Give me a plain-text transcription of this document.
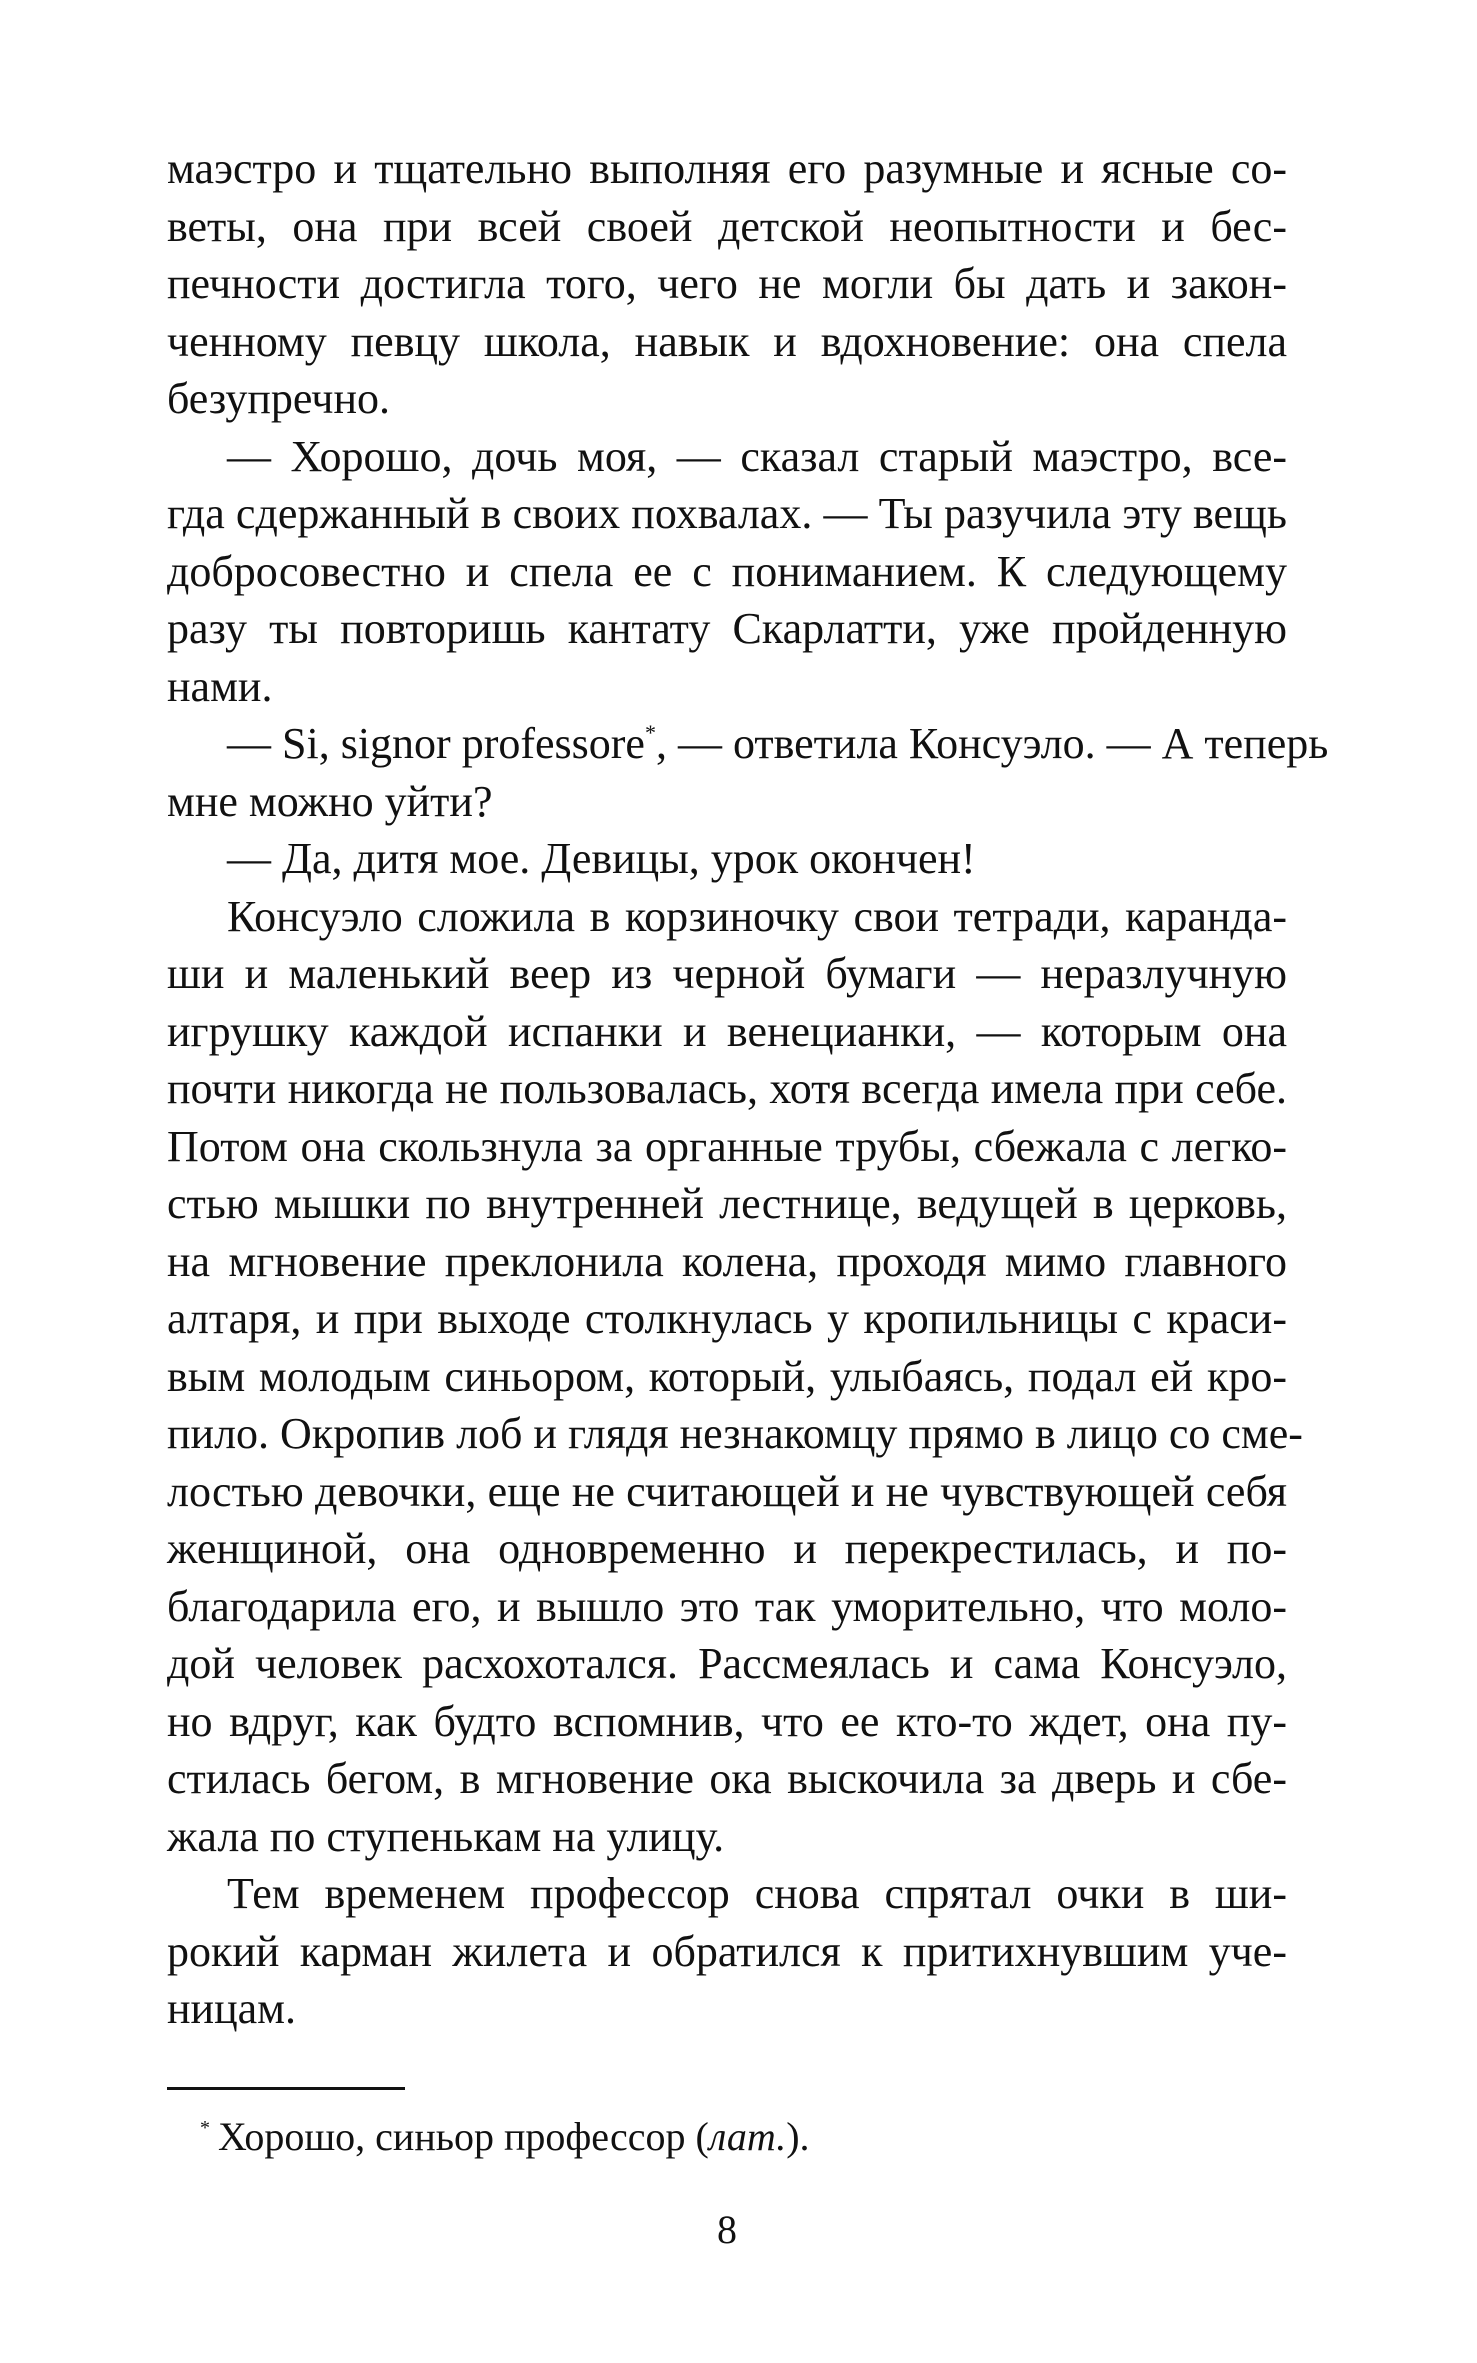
маэстро и тщательно выполняя его разумные и ясные со-
веты, она при всей своей детской неопытности и бес-
печности достигла того, чего не могли бы дать и закон-
ченному певцу школа, навык и вдохновение: она спела
безупречно.
— Хорошо, дочь моя, — сказал старый маэстро, все-
гда сдержанный в своих похвалах. — Ты разучила эту вещь
добросовестно и спела ее с пониманием. К следующему
разу ты повторишь кантату Скарлатти, уже пройденную
нами.
— Si, signor professore*, — ответила Консуэло. — А теперь
мне можно уйти?
— Да, дитя мое. Девицы, урок окончен!
Консуэло сложила в корзиночку свои тетради, каранда-
ши и маленький веер из черной бумаги — неразлучную
игрушку каждой испанки и венецианки, — которым она
почти никогда не пользовалась, хотя всегда имела при себе.
Потом она скользнула за органные трубы, сбежала с легко-
стью мышки по внутренней лестнице, ведущей в церковь,
на мгновение преклонила колена, проходя мимо главного
алтаря, и при выходе столкнулась у кропильницы с краси-
вым молодым синьором, который, улыбаясь, подал ей кро-
пило. Окропив лоб и глядя незнакомцу прямо в лицо со сме-
лостью девочки, еще не считающей и не чувствующей себя
женщиной, она одновременно и перекрестилась, и по-
благодарила его, и вышло это так уморительно, что моло-
дой человек расхохотался. Рассмеялась и сама Консуэло,
но вдруг, как будто вспомнив, что ее кто-то ждет, она пу-
стилась бегом, в мгновение ока выскочила за дверь и сбе-
жала по ступенькам на улицу.
Тем временем профессор снова спрятал очки в ши-
рокий карман жилета и обратился к притихнувшим уче-
ницам.
* Хорошо, синьор профессор (лат.).
8
